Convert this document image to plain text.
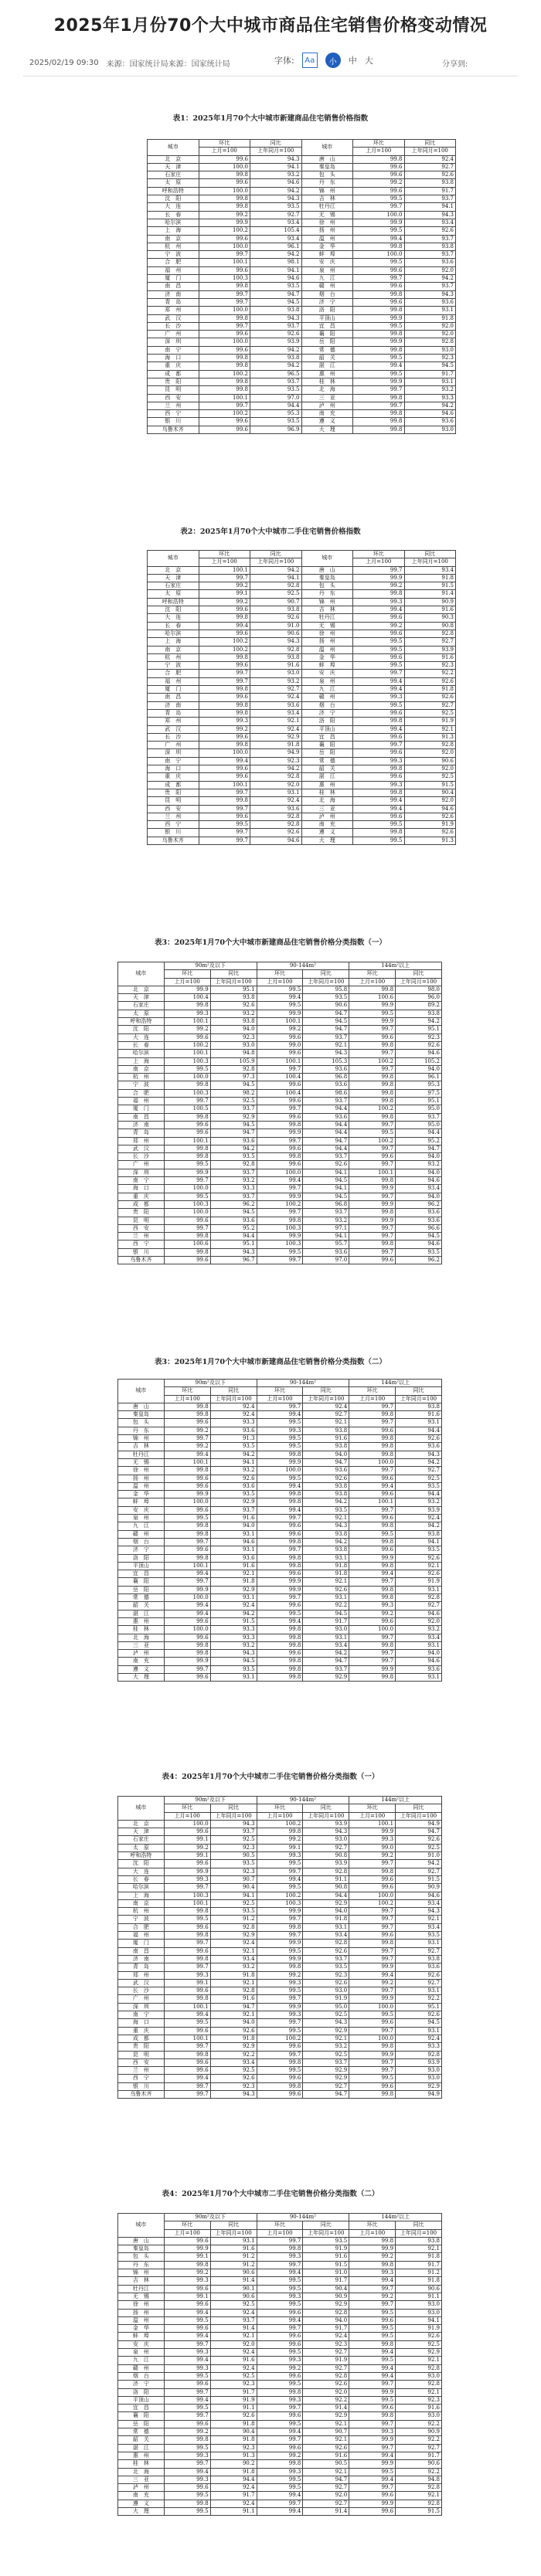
2025年1月份70个大中城市商品住宅销售价格变动情况
2025/02/19 09:30 来源：国家统计局来源：国家统计局	字体:	Aa	小	中 大	分享到:
表1：2025年1月70个大中城市新建商品住宅销售价格指数
城市	环比	同比	城市	环比	同比
	上月=100	上年同月=100		上月=100	上年同月=100
北　京	99.6	94.3	唐　山	99.8	92.4
天　津	100.0	94.1	秦皇岛	99.6	92.7
石家庄	99.8	93.2	包　头	99.6	92.6
太　原	99.6	94.6	丹　东	99.2	93.8
呼和浩特	100.0	94.2	锦　州	99.6	91.7
沈　阳	99.8	94.3	吉　林	99.5	93.7
大　连	99.8	93.5	牡丹江	99.7	94.1
长　春	99.2	92.7	无　锡	100.0	94.3
哈尔滨	99.9	93.4	徐　州	99.9	93.4
上　海	100.2	105.4	扬　州	99.5	92.6
南　京	99.6	93.4	温　州	99.4	93.7
杭　州	100.0	96.1	金　华	99.8	93.8
宁　波	99.7	94.2	蚌　埠	100.0	93.7
合　肥	100.1	98.1	安　庆	99.5	93.6
福　州	99.6	94.1	泉　州	99.6	92.0
厦　门	100.3	94.6	九　江	99.7	94.2
南　昌	99.8	93.5	赣　州	99.6	93.7
济　南	99.7	94.7	烟　台	99.8	94.3
青　岛	99.7	94.5	济　宁	99.6	93.6
郑　州	100.0	93.8	洛　阳	99.8	93.1
武　汉	99.8	94.3	平顶山	99.9	91.8
长　沙	99.7	93.7	宜　昌	99.5	92.0
广　州	99.6	92.6	襄　阳	99.8	92.0
深　圳	100.0	93.9	岳　阳	99.9	92.8
南　宁	99.6	94.2	常　德	99.8	93.0
海　口	99.8	93.8	韶　关	99.5	92.3
重　庆	99.8	94.2	湛　江	99.4	94.5
成　都	100.2	96.5	惠　州	99.5	91.7
贵　阳	99.8	93.7	桂　林	99.9	93.1
昆　明	99.8	93.5	北　海	99.7	93.2
西　安	100.1	97.0	三　亚	99.8	93.3
兰　州	99.7	94.4	泸　州	99.7	94.2
西　宁	100.2	95.3	南　充	99.8	94.6
银　川	99.6	93.5	遵　义	99.8	93.6
乌鲁木齐	99.6	96.9	大　理	99.8	93.0
表2：2025年1月70个大中城市二手住宅销售价格指数
城市	环比	同比	城市	环比	同比
	上月=100	上年同月=100		上月=100	上年同月=100
北　京	100.1	94.2	唐　山	99.7	93.4
天　津	99.7	94.1	秦皇岛	99.9	91.8
石家庄	99.2	92.8	包　头	99.2	91.5
太　原	99.1	92.5	丹　东	99.8	91.4
呼和浩特	99.2	90.7	锦　州	99.3	90.9
沈　阳	99.6	93.8	吉　林	99.4	91.6
大　连	99.8	92.6	牡丹江	99.6	90.3
长　春	99.4	91.0	无　锡	99.2	90.8
哈尔滨	99.6	90.6	徐　州	99.6	92.8
上　海	100.2	94.3	扬　州	99.5	92.7
南　京	100.2	92.8	温　州	99.5	93.9
杭　州	99.8	93.8	金　华	99.6	91.6
宁　波	99.6	91.6	蚌　埠	99.5	92.3
合　肥	99.7	93.0	安　庆	99.7	92.2
福　州	99.7	93.2	泉　州	99.4	92.6
厦　门	99.8	92.7	九　江	99.4	91.8
南　昌	99.6	92.4	赣　州	99.3	92.6
济　南	99.8	93.6	烟　台	99.5	92.7
青　岛	99.8	93.4	济　宁	99.6	92.5
郑　州	99.3	92.1	洛　阳	99.8	91.9
武　汉	99.2	92.4	平顶山	99.4	92.1
长　沙	99.6	92.9	宜　昌	99.6	91.3
广　州	99.8	91.8	襄　阳	99.7	92.8
深　圳	100.0	94.9	岳　阳	99.6	92.0
南　宁	99.4	92.3	常　德	99.3	90.6
海　口	99.6	94.2	韶　关	99.8	92.0
重　庆	99.6	92.8	湛　江	99.6	92.5
成　都	100.1	92.0	惠　州	99.3	91.5
贵　阳	99.7	93.1	桂　林	99.8	90.4
昆　明	99.8	92.4	北　海	99.4	92.0
西　安	99.7	93.6	三　亚	99.4	94.6
兰　州	99.6	92.8	泸　州	99.6	92.6
西　宁	99.5	92.8	南　充	99.5	91.9
银　川	99.7	92.6	遵　义	99.8	92.6
乌鲁木齐	99.7	94.6	大　理	99.5	91.3
表3：2025年1月70个大中城市新建商品住宅销售价格分类指数（一）
城市	90m²及以下		90-144m²		144m²以上	
	环比	同比	环比	同比	环比	同比
	上月=100	上年同月=100	上月=100	上年同月=100	上月=100	上年同月=100
北　京	99.9	95.1	99.5	95.8	99.8	98.0
天　津	100.4	93.8	99.4	93.5	100.6	96.0
石家庄	99.8	92.6	99.5	90.6	99.9	89.2
太　原	99.3	93.2	99.9	94.7	99.5	93.8
呼和浩特	100.1	93.8	100.1	94.5	99.9	94.2
沈　阳	99.2	94.0	99.2	94.7	99.7	95.1
大　连	99.6	92.3	99.6	93.7	99.6	92.3
长　春	100.2	93.0	99.0	92.1	99.8	92.6
哈尔滨	100.1	94.8	99.6	94.3	99.7	94.6
上　海	100.3	105.9	100.1	105.3	100.2	105.2
南　京	99.5	92.8	99.7	93.6	99.7	94.0
杭　州	100.0	97.3	100.4	96.8	99.8	96.1
宁　波	99.8	94.5	99.6	93.6	99.8	95.3
合　肥	100.3	98.2	100.4	98.6	99.8	97.5
福　州	99.7	92.5	99.6	93.7	99.8	95.1
厦　门	100.5	93.7	99.7	94.4	100.2	95.0
南　昌	99.8	92.9	99.6	93.6	99.8	93.7
济　南	99.6	94.5	99.8	94.4	99.7	95.0
青　岛	99.6	94.7	99.9	94.4	99.5	94.4
郑　州	100.1	93.6	99.7	94.7	100.2	95.2
武　汉	99.8	94.2	99.6	94.4	99.7	94.7
长　沙	99.8	93.5	99.8	93.7	99.6	94.0
广　州	99.5	92.8	99.6	92.6	99.7	93.2
深　圳	99.9	93.7	100.0	94.1	100.1	94.0
南　宁	99.7	93.2	99.4	94.5	99.8	94.6
海　口	100.0	93.3	99.7	94.1	99.9	93.4
重　庆	99.5	93.7	99.9	94.5	99.7	94.0
成　都	100.3	96.2	100.2	96.8	99.9	96.2
贵　阳	100.0	94.5	99.7	93.7	99.8	93.6
昆　明	99.6	93.6	99.8	93.2	99.9	93.6
西　安	99.7	95.2	100.3	97.1	99.7	96.6
兰　州	99.8	94.4	99.9	94.1	99.7	94.5
西　宁	100.6	95.1	100.3	95.7	99.8	94.6
银　川	99.8	94.3	99.5	93.6	99.7	93.5
乌鲁木齐	99.6	96.7	99.7	97.0	99.6	96.2
表3：2025年1月70个大中城市新建商品住宅销售价格分类指数（二）
城市	90m²及以下		90-144m²		144m²以上	
	环比	同比	环比	同比	环比	同比
	上月=100	上年同月=100	上月=100	上年同月=100	上月=100	上年同月=100
唐　山	99.8	92.4	99.7	92.4	99.7	93.8
秦皇岛	99.8	92.4	99.4	92.7	99.8	91.6
包　头	99.6	93.3	99.5	92.1	99.7	93.1
丹　东	99.2	93.6	99.3	93.8	99.6	94.4
锦　州	99.7	91.3	99.5	91.6	99.8	92.6
吉　林	99.2	93.5	99.5	93.8	99.8	93.6
牡丹江	99.4	94.2	99.8	94.0	99.8	94.3
无　锡	100.1	94.1	99.9	94.7	100.0	94.2
徐　州	99.8	93.2	100.0	93.6	99.7	92.7
扬　州	99.6	92.6	99.5	92.6	99.6	92.5
温　州	99.6	93.6	99.4	93.8	99.4	93.5
金　华	99.9	93.5	99.8	93.8	99.6	94.4
蚌　埠	100.0	92.9	99.8	94.2	100.1	93.2
安　庆	99.6	93.7	99.4	93.5	99.7	93.9
泉　州	99.5	91.6	99.7	92.1	99.6	92.4
九　江	99.8	94.0	99.6	94.3	99.8	94.2
赣　州	99.8	93.1	99.6	93.8	99.5	93.8
烟　台	99.7	94.6	99.8	94.2	99.8	94.1
济　宁	99.6	93.1	99.7	93.8	99.6	93.5
洛　阳	99.8	93.6	99.8	93.1	99.9	92.6
平顶山	100.1	91.6	99.8	91.8	99.8	92.1
宜　昌	99.4	92.1	99.6	91.8	99.4	92.6
襄　阳	99.7	91.8	99.9	92.1	99.7	91.9
岳　阳	99.9	92.9	99.9	92.6	99.8	93.1
常　德	100.0	93.1	99.7	93.1	99.8	92.8
韶　关	99.4	92.4	99.6	92.2	99.3	92.7
湛　江	99.4	94.2	99.5	94.5	99.2	94.6
惠　州	99.6	91.5	99.4	91.7	99.6	92.0
桂　林	100.0	93.3	99.8	93.0	100.0	93.2
北　海	99.6	93.3	99.8	93.1	99.7	93.4
三　亚	99.8	93.2	99.8	93.4	99.8	93.1
泸　州	99.8	94.3	99.6	94.2	99.7	94.0
南　充	99.9	94.5	99.8	94.7	99.7	94.6
遵　义	99.7	93.5	99.8	93.7	99.9	93.6
大　理	99.6	93.1	99.8	92.9	99.8	93.1
表4：2025年1月70个大中城市二手住宅销售价格分类指数（一）
城市	90m²及以下		90-144m²		144m²以上	
	环比	同比	环比	同比	环比	同比
	上月=100	上年同月=100	上月=100	上年同月=100	上月=100	上年同月=100
北　京	100.0	94.3	100.2	93.9	100.1	94.9
天　津	99.6	93.7	99.8	94.3	99.9	94.7
石家庄	99.1	92.5	99.2	93.0	99.3	92.6
太　原	99.2	92.3	99.1	92.7	99.0	92.5
呼和浩特	99.1	90.5	99.3	90.8	99.2	91.0
沈　阳	99.6	93.5	99.5	93.9	99.7	94.2
大　连	99.9	92.3	99.7	92.8	99.8	92.7
长　春	99.3	90.7	99.4	91.1	99.6	91.5
哈尔滨	99.7	90.4	99.5	90.8	99.6	90.9
上　海	100.3	94.1	100.2	94.4	100.0	94.6
南　京	100.1	92.5	100.3	92.9	100.2	93.4
杭　州	99.8	93.5	99.9	94.0	99.7	94.3
宁　波	99.5	91.2	99.7	91.8	99.7	92.1
合　肥	99.6	92.8	99.8	93.1	99.7	93.4
福　州	99.8	92.9	99.7	93.4	99.6	93.5
厦　门	99.7	92.4	99.9	92.8	99.8	93.1
南　昌	99.6	92.1	99.5	92.6	99.7	92.7
济　南	99.8	93.4	99.9	93.7	99.7	93.8
青　岛	99.7	93.2	99.8	93.5	99.9	93.6
郑　州	99.3	91.8	99.2	92.3	99.4	92.6
武　汉	99.1	92.1	99.3	92.6	99.2	92.7
长　沙	99.6	92.8	99.5	93.0	99.7	93.1
广　州	99.8	91.6	99.7	91.9	99.9	92.2
深　圳	100.1	94.7	99.9	95.0	100.0	95.1
南　宁	99.4	92.1	99.3	92.5	99.5	92.6
海　口	99.5	94.0	99.7	94.3	99.6	94.5
重　庆	99.6	92.6	99.5	92.9	99.7	93.1
成　都	100.1	91.8	100.2	92.1	100.0	92.4
贵　阳	99.7	92.9	99.6	93.2	99.8	93.3
昆　明	99.8	92.2	99.7	92.5	99.9	92.8
西　安	99.6	93.4	99.8	93.7	99.7	93.9
兰　州	99.6	92.5	99.5	92.9	99.7	93.0
西　宁	99.4	92.6	99.6	92.9	99.5	93.0
银　川	99.7	92.3	99.8	92.7	99.6	92.9
乌鲁木齐	99.7	94.3	99.6	94.7	99.8	94.9
表4：2025年1月70个大中城市二手住宅销售价格分类指数（二）
城市	90m²及以下		90-144m²		144m²以上	
	环比	同比	环比	同比	环比	同比
	上月=100	上年同月=100	上月=100	上年同月=100	上月=100	上年同月=100
唐　山	99.6	93.1	99.7	93.5	99.8	93.8
秦皇岛	99.9	91.6	99.8	91.9	99.9	92.1
包　头	99.1	91.2	99.3	91.6	99.2	91.8
丹　东	99.8	91.2	99.7	91.5	99.8	91.7
锦　州	99.2	90.6	99.4	91.0	99.3	91.2
吉　林	99.3	91.4	99.5	91.7	99.4	91.8
牡丹江	99.6	90.1	99.5	90.4	99.7	90.6
无　锡	99.1	90.6	99.3	90.9	99.2	91.1
徐　州	99.6	92.5	99.5	92.9	99.7	93.0
扬　州	99.4	92.4	99.6	92.8	99.5	93.0
温　州	99.5	93.7	99.4	94.0	99.6	94.1
金　华	99.6	91.4	99.7	91.7	99.5	91.9
蚌　埠	99.4	92.1	99.6	92.4	99.5	92.6
安　庆	99.7	92.0	99.6	92.3	99.8	92.5
泉　州	99.3	92.4	99.5	92.7	99.4	92.9
九　江	99.4	91.6	99.3	91.9	99.5	92.1
赣　州	99.3	92.4	99.2	92.7	99.4	92.8
烟　台	99.5	92.5	99.6	92.8	99.4	93.0
济　宁	99.6	92.3	99.5	92.6	99.7	92.8
洛　阳	99.7	91.7	99.8	92.0	99.9	92.1
平顶山	99.4	91.9	99.3	92.2	99.5	92.3
宜　昌	99.5	91.1	99.7	91.4	99.6	91.6
襄　阳	99.7	92.6	99.6	92.9	99.8	93.0
岳　阳	99.6	91.8	99.5	92.1	99.7	92.2
常　德	99.2	90.4	99.4	90.7	99.3	90.9
韶　关	99.8	91.8	99.7	92.1	99.9	92.2
湛　江	99.5	92.3	99.6	92.6	99.7	92.7
惠　州	99.3	91.3	99.2	91.6	99.4	91.7
桂　林	99.7	90.2	99.8	90.5	99.9	90.6
北　海	99.4	91.8	99.3	92.1	99.5	92.2
三　亚	99.3	94.4	99.5	94.7	99.4	94.8
泸　州	99.6	92.4	99.5	92.7	99.7	92.8
南　充	99.5	91.7	99.4	92.0	99.6	92.1
遵　义	99.8	92.4	99.7	92.7	99.9	92.8
大　理	99.5	91.1	99.4	91.4	99.6	91.5
